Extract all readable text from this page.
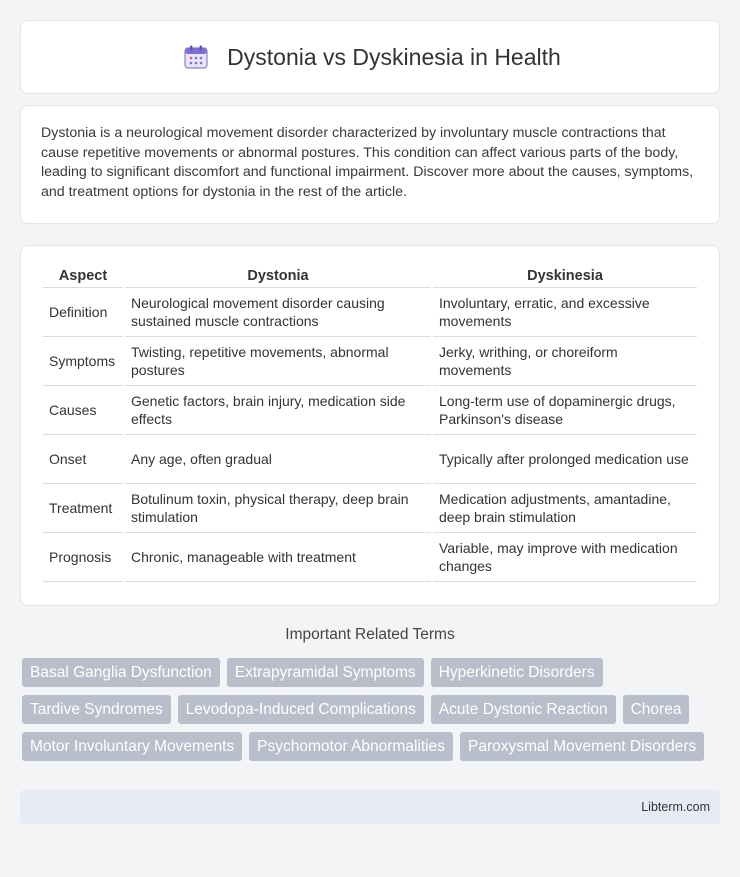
Dystonia vs Dyskinesia in Health

Dystonia is a neurological movement disorder characterized by involuntary muscle contractions that cause repetitive movements or abnormal postures. This condition can affect various parts of the body, leading to significant discomfort and functional impairment. Discover more about the causes, symptoms, and treatment options for dystonia in the rest of the article.

Aspect	Dystonia	Dyskinesia
Definition	Neurological movement disorder causing sustained muscle contractions	Involuntary, erratic, and excessive movements
Symptoms	Twisting, repetitive movements, abnormal postures	Jerky, writhing, or choreiform movements
Causes	Genetic factors, brain injury, medication side effects	Long-term use of dopaminergic drugs, Parkinson's disease
Onset	Any age, often gradual	Typically after prolonged medication use
Treatment	Botulinum toxin, physical therapy, deep brain stimulation	Medication adjustments, amantadine, deep brain stimulation
Prognosis	Chronic, manageable with treatment	Variable, may improve with medication changes
Important Related Terms
Basal Ganglia Dysfunction	Extrapyramidal Symptoms	Hyperkinetic Disorders
Tardive Syndromes	Levodopa-Induced Complications	Acute Dystonic Reaction	Chorea
Motor Involuntary Movements	Psychomotor Abnormalities	Paroxysmal Movement Disorders
Libterm.com
